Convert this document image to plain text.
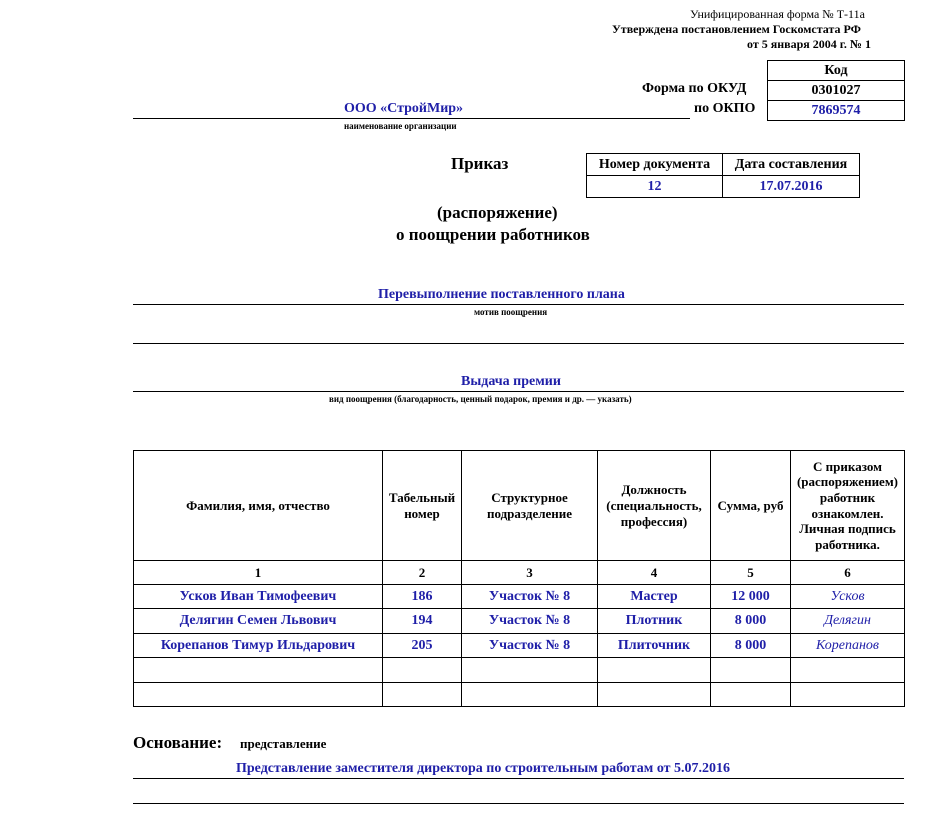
Унифицированная форма № Т-11а
Утверждена постановлением Госкомстата РФ
от 5 января 2004 г. № 1
Форма по ОКУД
по ОКПО
Код
0301027
7869574
ООО «СтройМир»
наименование организации
Приказ
(распоряжение)
о поощрении работников
Номер документа	Дата составления
12	17.07.2016
Перевыполнение поставленного плана
мотив поощрения
Выдача премии
вид поощрения (благодарность, ценный подарок, премия и др. — указать)
Фамилия, имя, отчество	Табельный номер	Структурное подразделение	Должность (специальность, профессия)	Сумма, руб	С приказом (распоряжением) работник ознакомлен. Личная подпись работника.
1	2	3	4	5	6
Усков Иван Тимофеевич	186	Участок № 8	Мастер	12 000	Усков
Делягин Семен Львович	194	Участок № 8	Плотник	8 000	Делягин
Корепанов Тимур Ильдарович	205	Участок № 8	Плиточник	8 000	Корепанов

Основание: представление
Представление заместителя директора по строительным работам от 5.07.2016
